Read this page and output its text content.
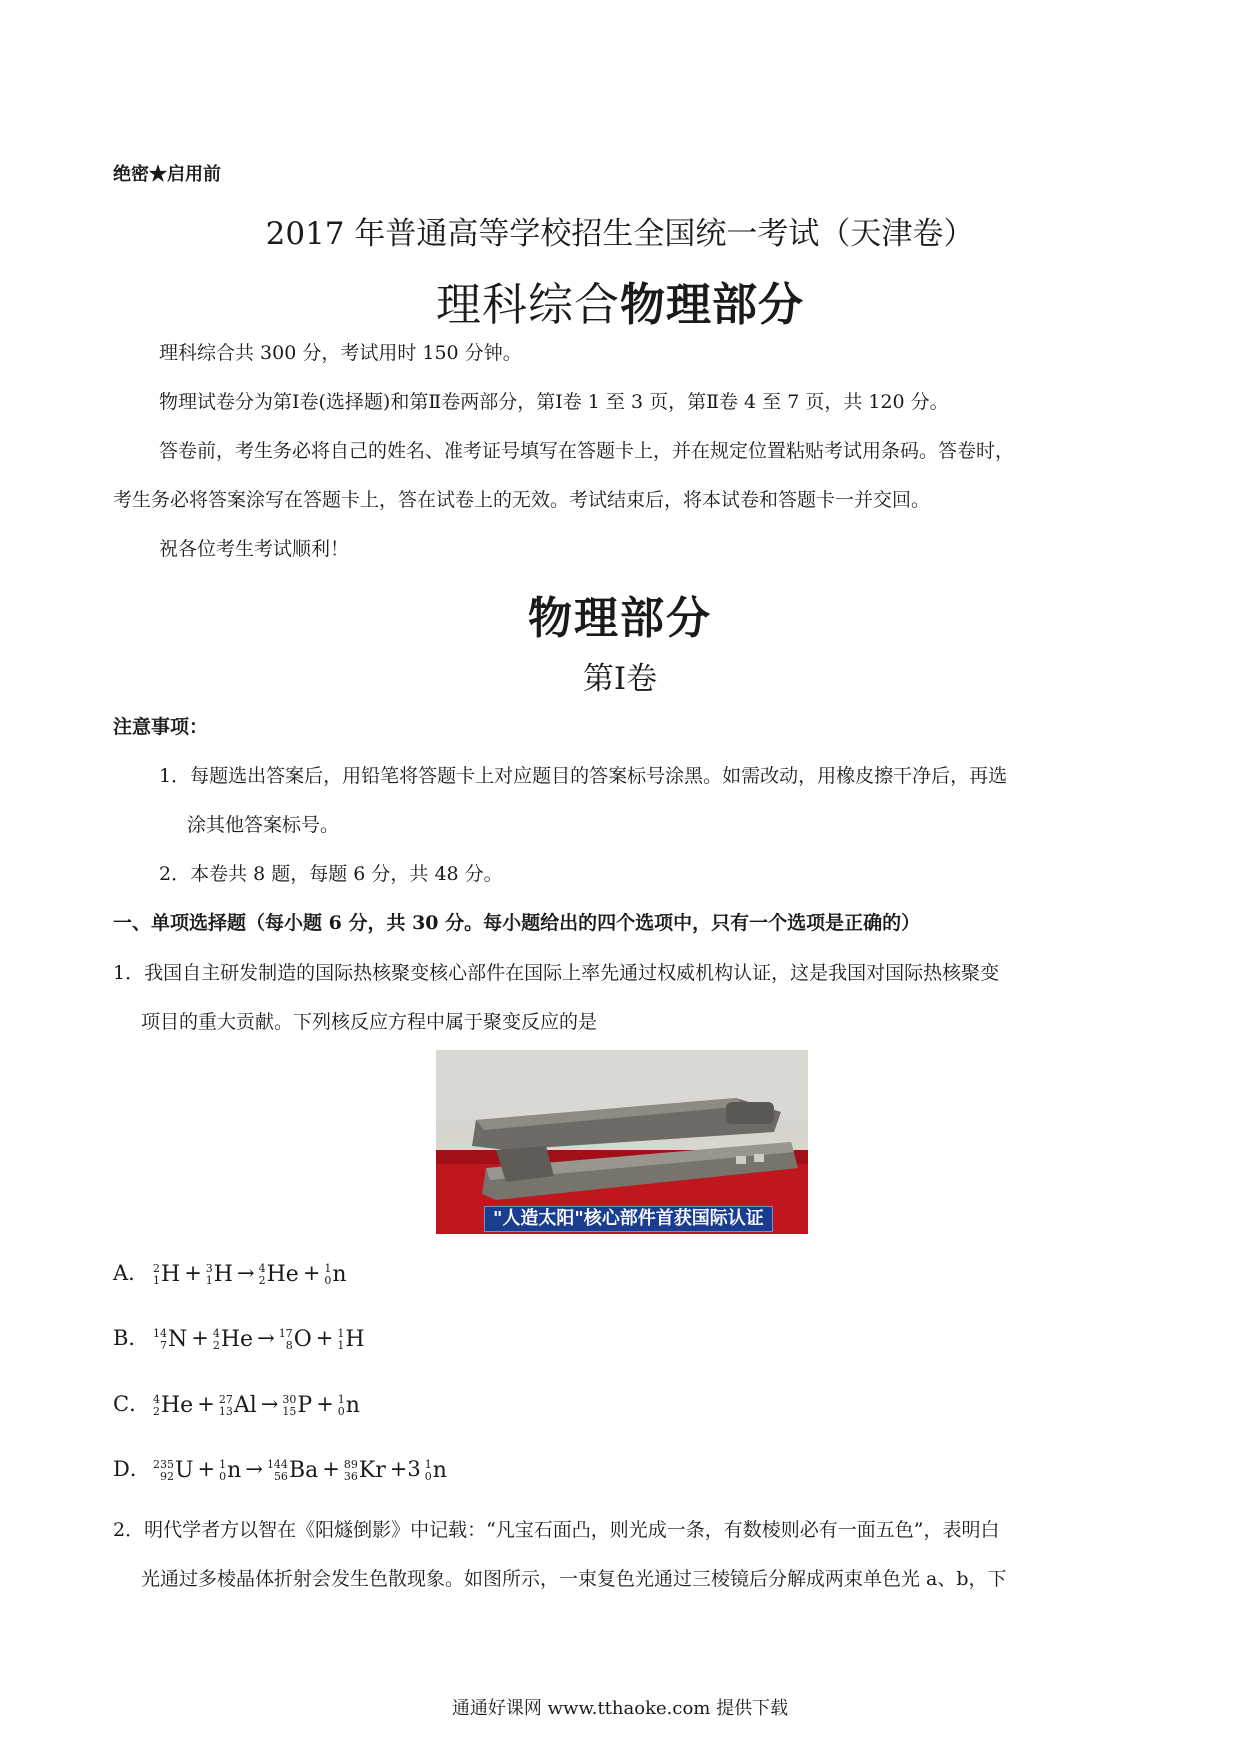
绝密★启用前
2017 年普通高等学校招生全国统一考试（天津卷）
理科综合物理部分
理科综合共 300 分，考试用时 150 分钟。
物理试卷分为第Ⅰ卷(选择题)和第Ⅱ卷两部分，第Ⅰ卷 1 至 3 页，第Ⅱ卷 4 至 7 页，共 120 分。
答卷前，考生务必将自己的姓名、准考证号填写在答题卡上，并在规定位置粘贴考试用条码。答卷时，
考生务必将答案涂写在答题卡上，答在试卷上的无效。考试结束后，将本试卷和答题卡一并交回。
祝各位考生考试顺利！
物理部分
第Ⅰ卷
注意事项：
1．每题选出答案后，用铅笔将答题卡上对应题目的答案标号涂黑。如需改动，用橡皮擦干净后，再选
涂其他答案标号。
2．本卷共 8 题，每题 6 分，共 48 分。
一、单项选择题（每小题 6 分，共 30 分。每小题给出的四个选项中，只有一个选项是正确的）
1．我国自主研发制造的国际热核聚变核心部件在国际上率先通过权威机构认证，这是我国对国际热核聚变
项目的重大贡献。下列核反应方程中属于聚变反应的是
"人造太阳"核心部件首获国际认证
A． 2
1 H + 3
1 H → 4
2 He + 1
0 n
B． 14
7 N + 4
2 He → 17
8 O + 1
1 H
C． 4
2 He + 27
13 Al → 30
15 P + 1
0 n
D． 235
92 U + 1
0 n → 144
56 Ba + 89
36 Kr +3 1
0 n
2．明代学者方以智在《阳燧倒影》中记载：“凡宝石面凸，则光成一条，有数棱则必有一面五色”，表明白
光通过多棱晶体折射会发生色散现象。如图所示，一束复色光通过三棱镜后分解成两束单色光 a、b，下
通通好课网 www.tthaoke.com 提供下载
